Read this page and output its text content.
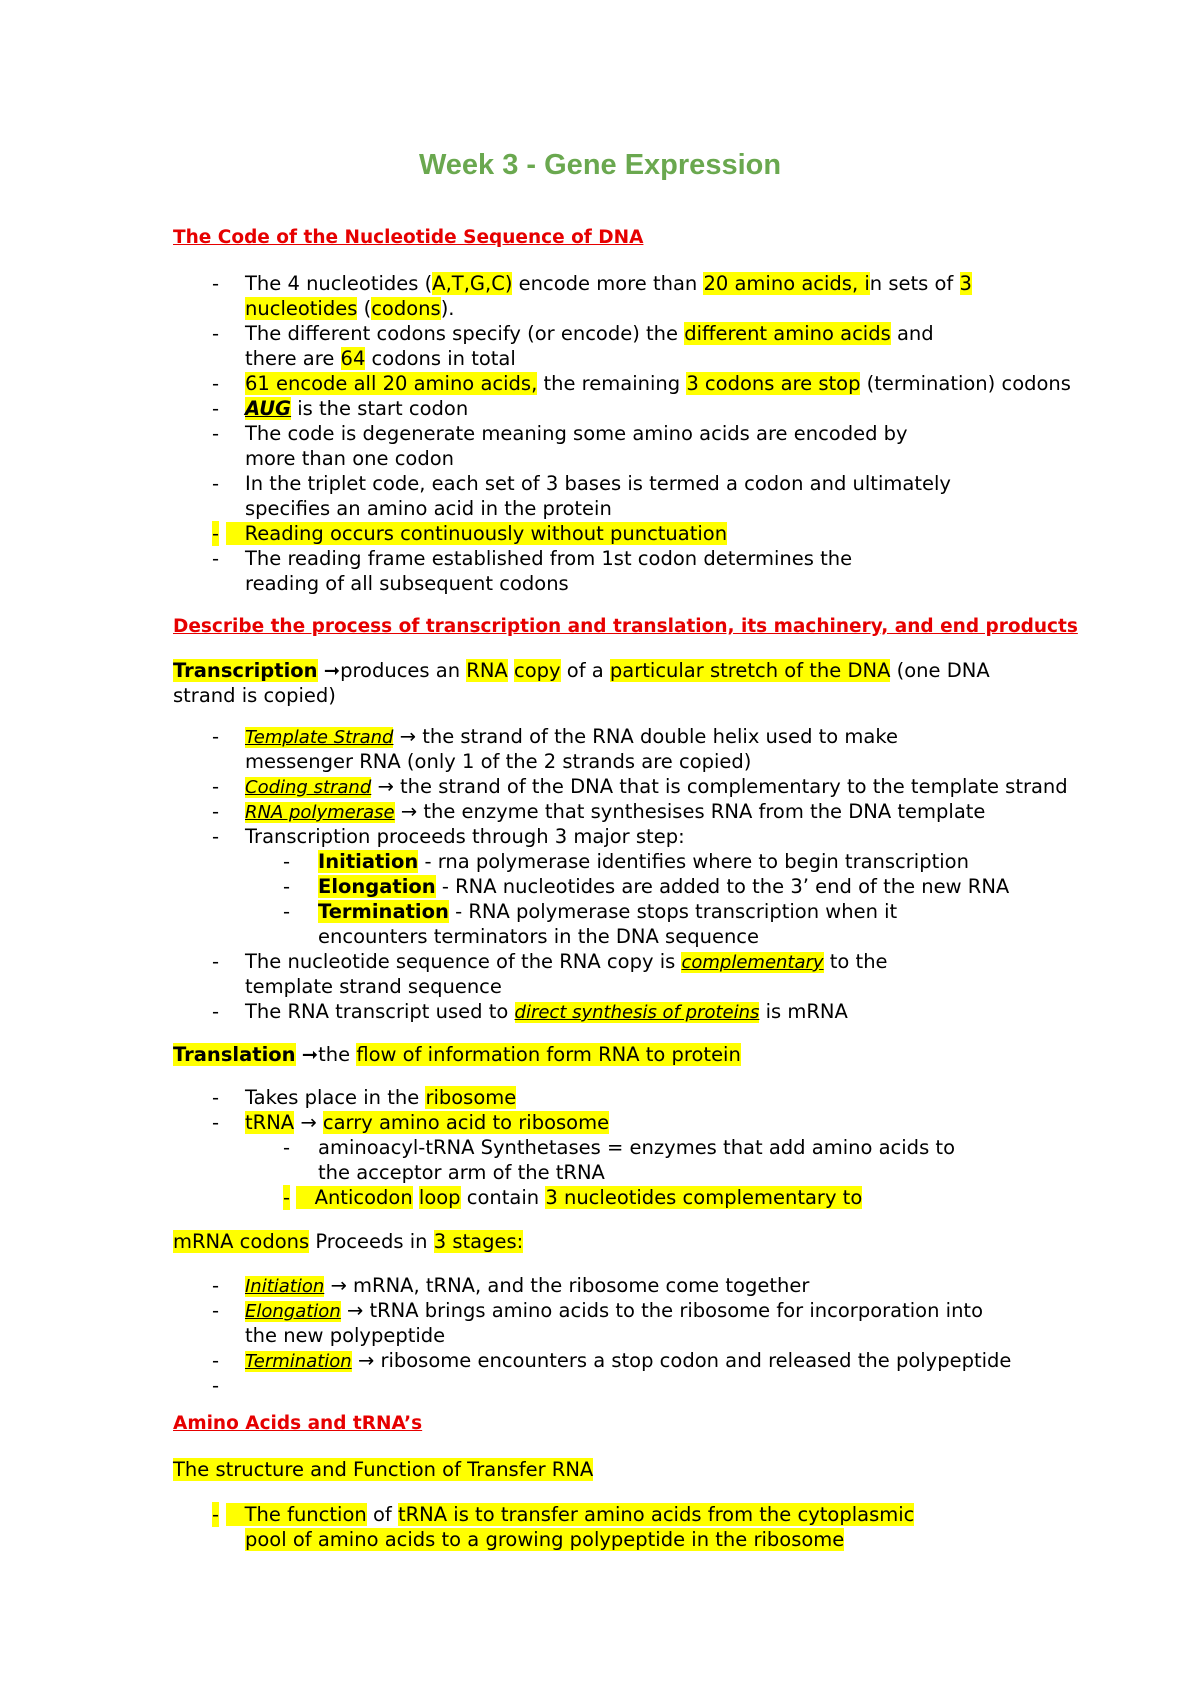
Week 3 - Gene Expression
The Code of the Nucleotide Sequence of DNA
- The 4 nucleotides (A,T,G,C) encode more than 20 amino acids, in sets of 3
nucleotides (codons).
- The different codons specify (or encode) the different amino acids and
there are 64 codons in total
- 61 encode all 20 amino acids, the remaining 3 codons are stop (termination) codons
- AUG is the start codon
- The code is degenerate meaning some amino acids are encoded by
more than one codon
- In the triplet code, each set of 3 bases is termed a codon and ultimately
specifies an amino acid in the protein
-	Reading occurs continuously without punctuation
- The reading frame established from 1st codon determines the
reading of all subsequent codons
Describe the process of transcription and translation, its machinery, and end products
Transcription ➞produces an RNA copy of a particular stretch of the DNA (one DNA
strand is copied)
- Template Strand → the strand of the RNA double helix used to make
messenger RNA (only 1 of the 2 strands are copied)
- Coding strand → the strand of the DNA that is complementary to the template strand
- RNA polymerase → the enzyme that synthesises RNA from the DNA template
- Transcription proceeds through 3 major step:
- Initiation - rna polymerase identifies where to begin transcription
- Elongation - RNA nucleotides are added to the 3’ end of the new RNA
- Termination - RNA polymerase stops transcription when it
encounters terminators in the DNA sequence
- The nucleotide sequence of the RNA copy is complementary to the
template strand sequence
- The RNA transcript used to direct synthesis of proteins is mRNA
Translation ➞the flow of information form RNA to protein
- Takes place in the ribosome
- tRNA → carry amino acid to ribosome
- aminoacyl-tRNA Synthetases = enzymes that add amino acids to
the acceptor arm of the tRNA
-	Anticodon loop contain 3 nucleotides complementary to
mRNA codons Proceeds in 3 stages:
- Initiation → mRNA, tRNA, and the ribosome come together
- Elongation → tRNA brings amino acids to the ribosome for incorporation into
the new polypeptide
- Termination → ribosome encounters a stop codon and released the polypeptide
-
Amino Acids and tRNA’s
The structure and Function of Transfer RNA
-	The function of tRNA is to transfer amino acids from the cytoplasmic
pool of amino acids to a growing polypeptide in the ribosome
